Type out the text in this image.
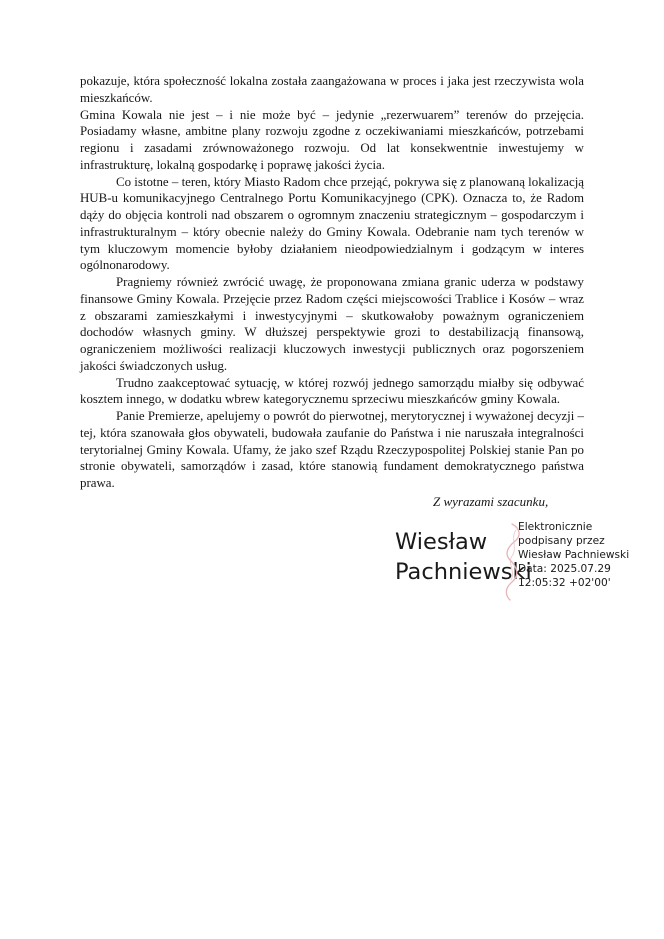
pokazuje, która społeczność lokalna została zaangażowana w proces i jaka jest rzeczywista wola mieszkańców.

Gmina Kowala nie jest – i nie może być – jedynie „rezerwuarem” terenów do przejęcia. Posiadamy własne, ambitne plany rozwoju zgodne z oczekiwaniami mieszkańców, potrzebami regionu i zasadami zrównoważonego rozwoju. Od lat konsekwentnie inwestujemy w infrastrukturę, lokalną gospodarkę i poprawę jakości życia.

Co istotne – teren, który Miasto Radom chce przejąć, pokrywa się z planowaną lokalizacją HUB-u komunikacyjnego Centralnego Portu Komunikacyjnego (CPK). Oznacza to, że Radom dąży do objęcia kontroli nad obszarem o ogromnym znaczeniu strategicznym – gospodarczym i infrastrukturalnym – który obecnie należy do Gminy Kowala. Odebranie nam tych terenów w tym kluczowym momencie byłoby działaniem nieodpowiedzialnym i godzącym w interes ogólnonarodowy.

Pragniemy również zwrócić uwagę, że proponowana zmiana granic uderza w podstawy finansowe Gminy Kowala. Przejęcie przez Radom części miejscowości Trablice i Kosów – wraz z obszarami zamieszkałymi i inwestycyjnymi – skutkowałoby poważnym ograniczeniem dochodów własnych gminy. W dłuższej perspektywie grozi to destabilizacją finansową, ograniczeniem możliwości realizacji kluczowych inwestycji publicznych oraz pogorszeniem jakości świadczonych usług.

Trudno zaakceptować sytuację, w której rozwój jednego samorządu miałby się odbywać kosztem innego, w dodatku wbrew kategorycznemu sprzeciwu mieszkańców gminy Kowala.

Panie Premierze, apelujemy o powrót do pierwotnej, merytorycznej i wyważonej decyzji – tej, która szanowała głos obywateli, budowała zaufanie do Państwa i nie naruszała integralności terytorialnej Gminy Kowala. Ufamy, że jako szef Rządu Rzeczypospolitej Polskiej stanie Pan po stronie obywateli, samorządów i zasad, które stanowią fundament demokratycznego państwa prawa.

Z wyrazami szacunku,
Wiesław
Pachniewski
Elektronicznie
podpisany przez
Wiesław Pachniewski
Data: 2025.07.29
12:05:32 +02'00'
